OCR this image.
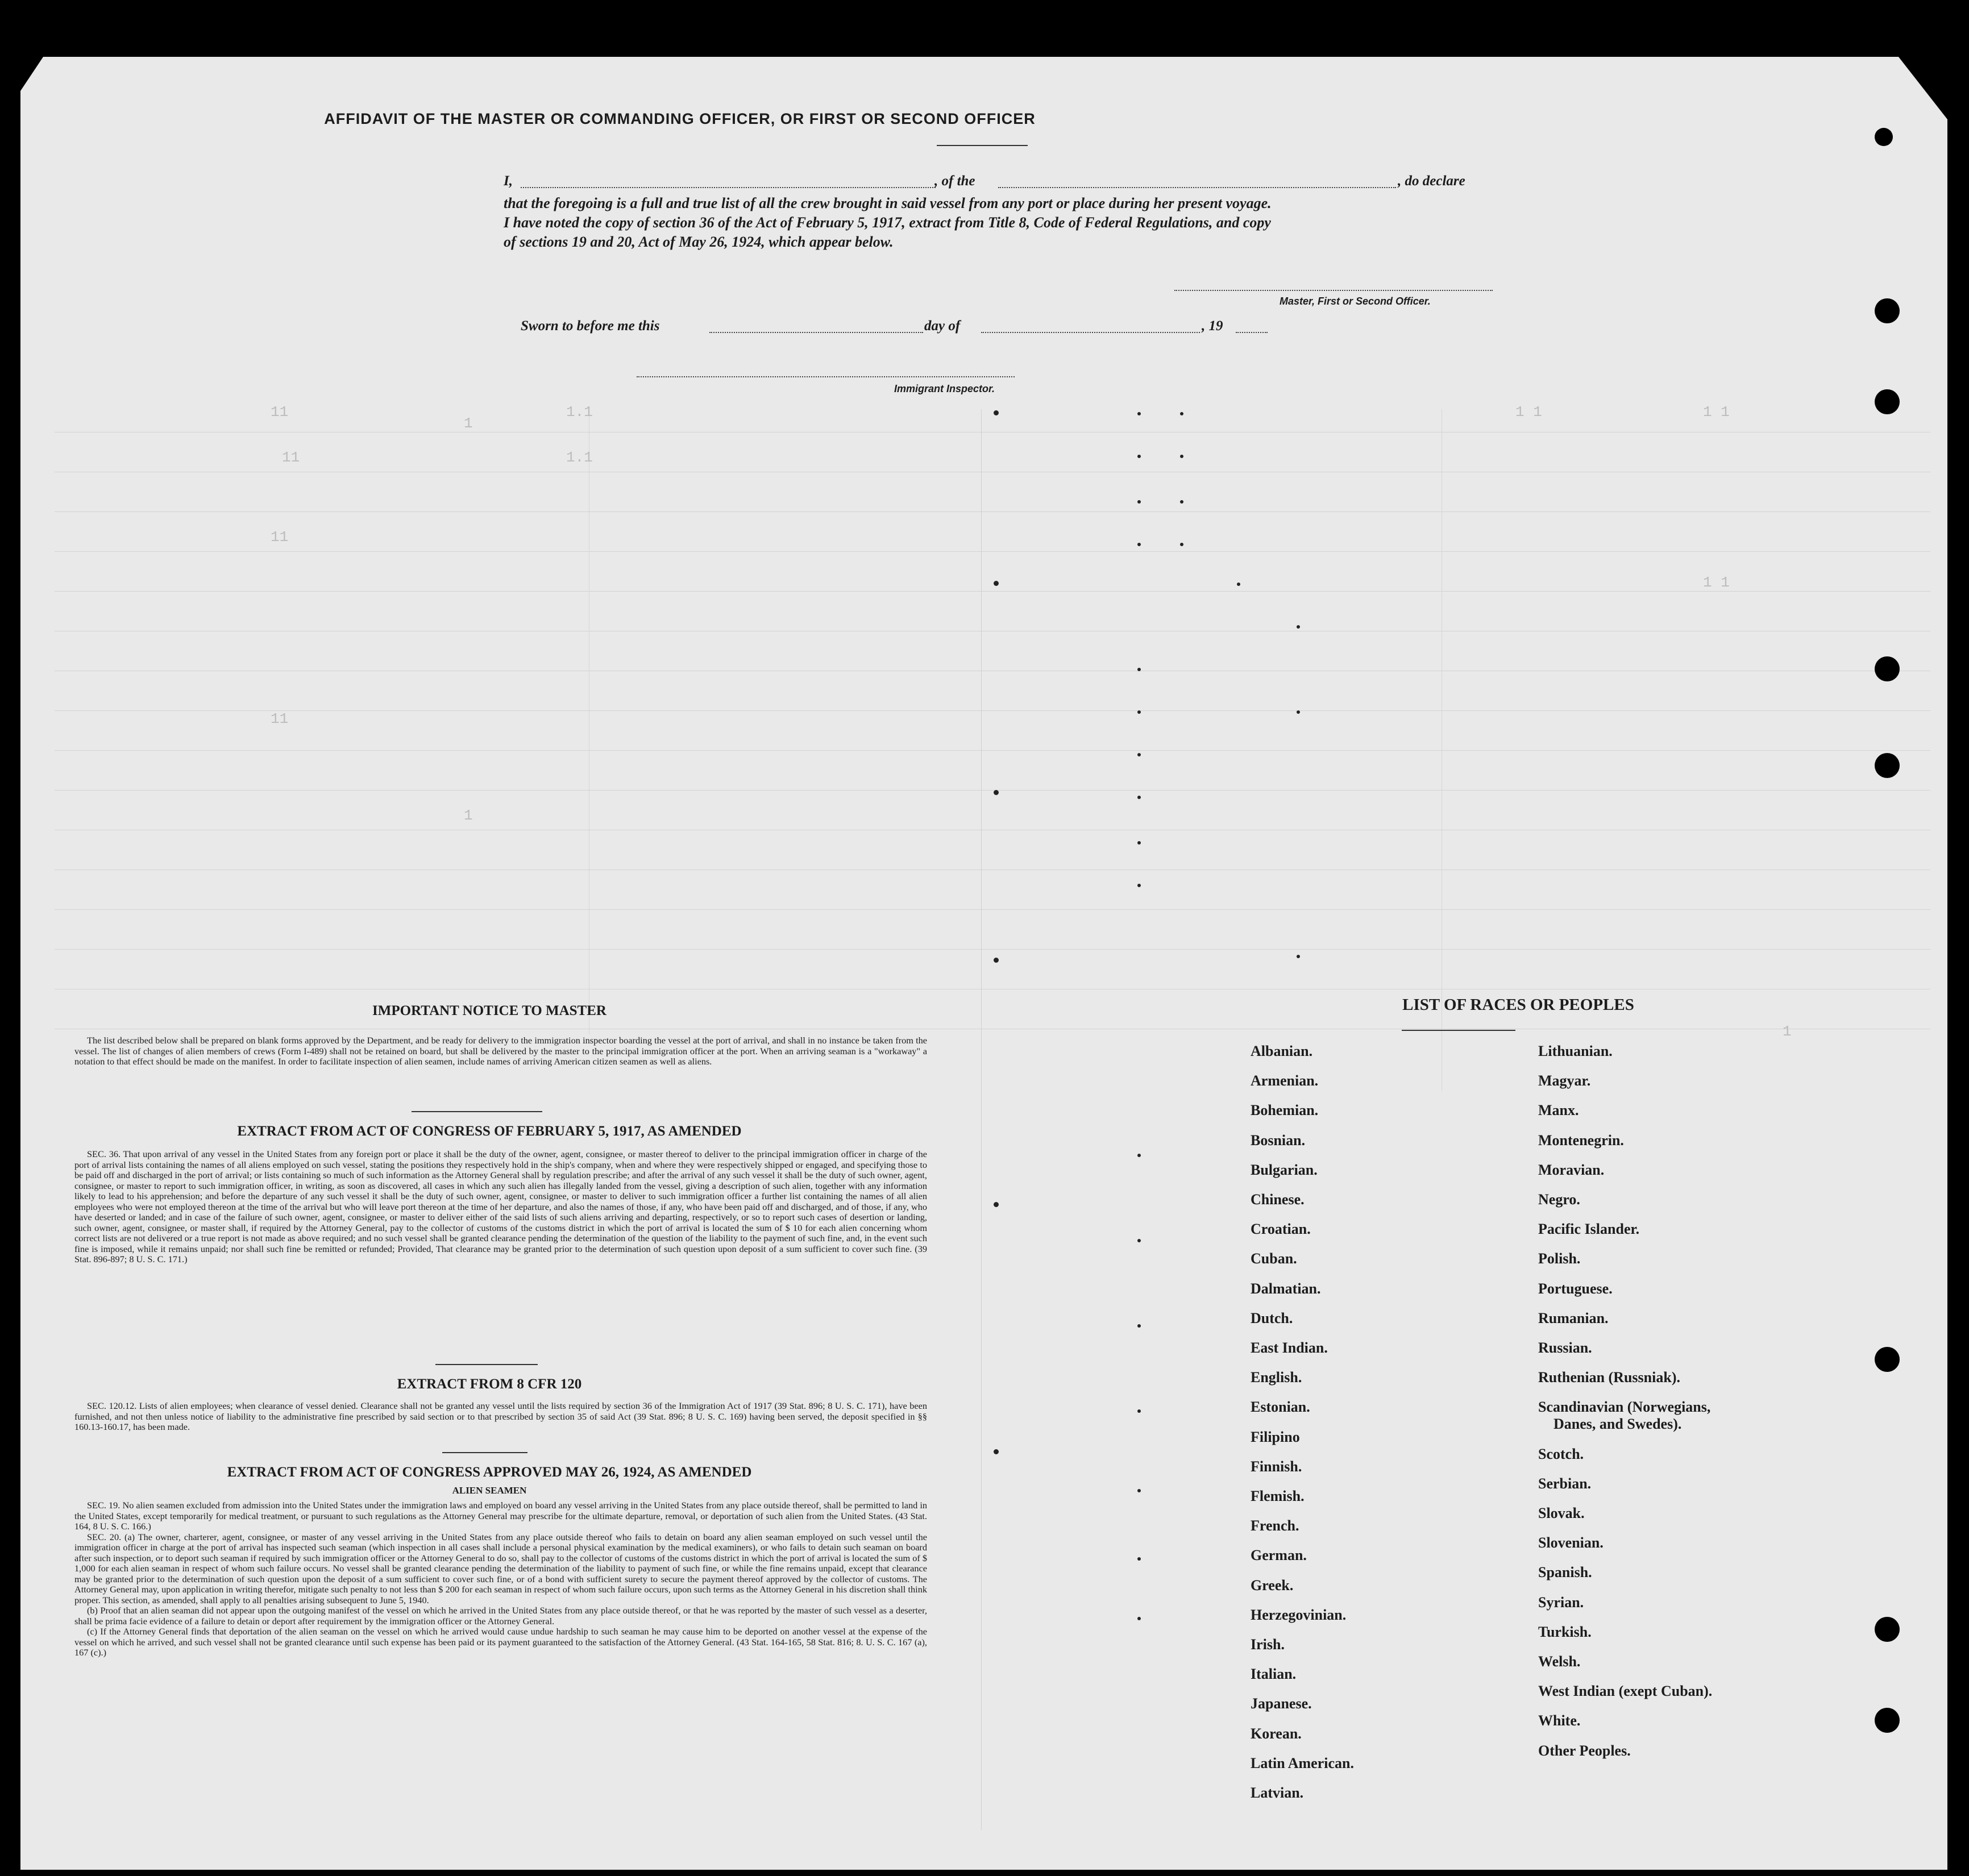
11
11
11
11
1.1
1.1
1 1	1 1
1 1
1
1
1
AFFIDAVIT OF THE MASTER OR COMMANDING OFFICER, OR FIRST OR SECOND OFFICER
I,	, of the	, do declare
that the foregoing is a full and true list of all the crew brought in said vessel from any port or place during her present voyage.
I have noted the copy of section 36 of the Act of February 5, 1917, extract from Title 8, Code of Federal Regulations, and copy
of sections 19 and 20, Act of May 26, 1924, which appear below.
Master, First or Second Officer.
Sworn to before me this	day of	, 19
Immigrant Inspector.
IMPORTANT NOTICE TO MASTER

The list described below shall be prepared on blank forms approved by the Department, and be ready for delivery to the immigration inspector boarding the vessel at the port of arrival, and shall in no instance be taken from the vessel. The list of changes of alien members of crews (Form I-489) shall not be retained on board, but shall be delivered by the master to the principal immigration officer at the port. When an arriving seaman is a "workaway" a notation to that effect should be made on the manifest. In order to facilitate inspection of alien seamen, include names of arriving American citizen seamen as well as aliens.

EXTRACT FROM ACT OF CONGRESS OF FEBRUARY 5, 1917, AS AMENDED

SEC. 36. That upon arrival of any vessel in the United States from any foreign port or place it shall be the duty of the owner, agent, consignee, or master thereof to deliver to the principal immigration officer in charge of the port of arrival lists containing the names of all aliens employed on such vessel, stating the positions they respectively hold in the ship's company, when and where they were respectively shipped or engaged, and specifying those to be paid off and discharged in the port of arrival; or lists containing so much of such information as the Attorney General shall by regulation prescribe; and after the arrival of any such vessel it shall be the duty of such owner, agent, consignee, or master to report to such immigration officer, in writing, as soon as discovered, all cases in which any such alien has illegally landed from the vessel, giving a description of such alien, together with any information likely to lead to his apprehension; and before the departure of any such vessel it shall be the duty of such owner, agent, consignee, or master to deliver to such immigration officer a further list containing the names of all alien employees who were not employed thereon at the time of the arrival but who will leave port thereon at the time of her departure, and also the names of those, if any, who have been paid off and discharged, and of those, if any, who have deserted or landed; and in case of the failure of such owner, agent, consignee, or master to deliver either of the said lists of such aliens arriving and departing, respectively, or so to report such cases of desertion or landing, such owner, agent, consignee, or master shall, if required by the Attorney General, pay to the collector of customs of the customs district in which the port of arrival is located the sum of $ 10 for each alien concerning whom correct lists are not delivered or a true report is not made as above required; and no such vessel shall be granted clearance pending the determination of the question of the liability to the payment of such fine, and, in the event such fine is imposed, while it remains unpaid; nor shall such fine be remitted or refunded; Provided, That clearance may be granted prior to the determination of such question upon deposit of a sum sufficient to cover such fine. (39 Stat. 896-897; 8 U. S. C. 171.)

EXTRACT FROM 8 CFR 120

SEC. 120.12. Lists of alien employees; when clearance of vessel denied. Clearance shall not be granted any vessel until the lists required by section 36 of the Immigration Act of 1917 (39 Stat. 896; 8 U. S. C. 171), have been furnished, and not then unless notice of liability to the administrative fine prescribed by said section or to that prescribed by section 35 of said Act (39 Stat. 896; 8 U. S. C. 169) having been served, the deposit specified in §§ 160.13-160.17, has been made.

EXTRACT FROM ACT OF CONGRESS APPROVED MAY 26, 1924, AS AMENDED
ALIEN SEAMEN

SEC. 19. No alien seamen excluded from admission into the United States under the immigration laws and employed on board any vessel arriving in the United States from any place outside thereof, shall be permitted to land in the United States, except temporarily for medical treatment, or pursuant to such regulations as the Attorney General may prescribe for the ultimate departure, removal, or deportation of such alien from the United States. (43 Stat. 164, 8 U. S. C. 166.)

SEC. 20. (a) The owner, charterer, agent, consignee, or master of any vessel arriving in the United States from any place outside thereof who fails to detain on board any alien seaman employed on such vessel until the immigration officer in charge at the port of arrival has inspected such seaman (which inspection in all cases shall include a personal physical examination by the medical examiners), or who fails to detain such seaman on board after such inspection, or to deport such seaman if required by such immigration officer or the Attorney General to do so, shall pay to the collector of customs of the customs district in which the port of arrival is located the sum of $ 1,000 for each alien seaman in respect of whom such failure occurs. No vessel shall be granted clearance pending the determination of the liability to payment of such fine, or while the fine remains unpaid, except that clearance may be granted prior to the determination of such question upon the deposit of a sum sufficient to cover such fine, or of a bond with sufficient surety to secure the payment thereof approved by the collector of customs. The Attorney General may, upon application in writing therefor, mitigate such penalty to not less than $ 200 for each seaman in respect of whom such failure occurs, upon such terms as the Attorney General in his discretion shall think proper. This section, as amended, shall apply to all penalties arising subsequent to June 5, 1940.

(b) Proof that an alien seaman did not appear upon the outgoing manifest of the vessel on which he arrived in the United States from any place outside thereof, or that he was reported by the master of such vessel as a deserter, shall be prima facie evidence of a failure to detain or deport after requirement by the immigration officer or the Attorney General.

(c) If the Attorney General finds that deportation of the alien seaman on the vessel on which he arrived would cause undue hardship to such seaman he may cause him to be deported on another vessel at the expense of the vessel on which he arrived, and such vessel shall not be granted clearance until such expense has been paid or its payment guaranteed to the satisfaction of the Attorney General. (43 Stat. 164-165, 58 Stat. 816; 8. U. S. C. 167 (a), 167 (c).)

LIST OF RACES OR PEOPLES
Albanian.
Armenian.
Bohemian.
Bosnian.
Bulgarian.
Chinese.
Croatian.
Cuban.
Dalmatian.
Dutch.
East Indian.
English.
Estonian.
Filipino
Finnish.
Flemish.
French.
German.
Greek.
Herzegovinian.
Irish.
Italian.
Japanese.
Korean.
Latin American.
Latvian.
Lithuanian.
Magyar.
Manx.
Montenegrin.
Moravian.
Negro.
Pacific Islander.
Polish.
Portuguese.
Rumanian.
Russian.
Ruthenian (Russniak).
Scandinavian (Norwegians,
Danes, and Swedes).
Scotch.
Serbian.
Slovak.
Slovenian.
Spanish.
Syrian.
Turkish.
Welsh.
West Indian (exept Cuban).
White.
Other Peoples.
